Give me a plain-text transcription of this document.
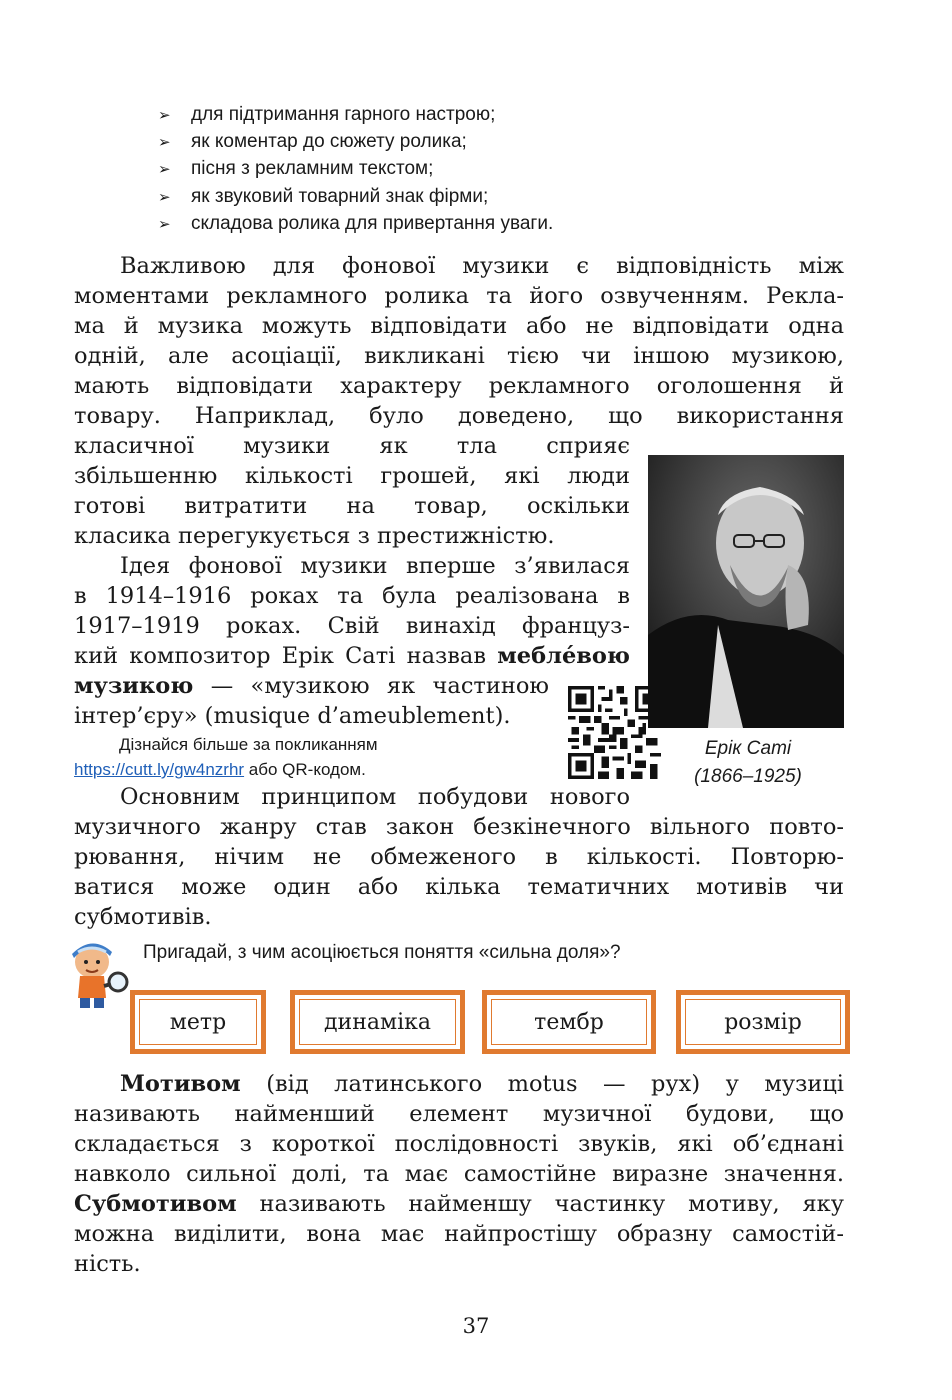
➢ для підтримання гарного настрою;
➢ як коментар до сюжету ролика;
➢ пісня з рекламним текстом;
➢ як звуковий товарний знак фірми;
➢ складова ролика для привертання уваги.
Важливою для фонової музики є відповідність між
моментами рекламного ролика та його озвученням. Рекла-
ма й музика можуть відповідати або не відповідати одна
одній, але асоціації, викликані тією чи іншою музикою,
мають відповідати характеру рекламного оголошення й
товару. Наприклад, було доведено, що використання
класичної музики як тла сприяє
збільшенню кількості грошей, які люди
готові витратити на товар, оскільки
класика перегукується з престижністю.
Ідея фонової музики вперше з’явилася
в 1914–1916 роках та була реалізована в
1917–1919 роках. Свій винахід француз-
кий композитор Ерік Саті назвав меблéвою
музикою — «музикою як частиною
інтер’єру» (musique d’ameublement).
Дізнайся більше за покликанням
https://cutt.ly/gw4nzrhr або QR-кодом.
Ерік Саті
(1866–1925)
Основним принципом побудови нового
музичного жанру став закон безкінечного вільного повто-
рювання, нічим не обмеженого в кількості. Повторю-
ватися може один або кілька тематичних мотивів чи
субмотивів.
Пригадай, з чим асоціюється поняття «сильна доля»?
метр	динаміка	тембр	розмір
Мотивом (від латинського motus — рух) у музиці
називають найменший елемент музичної будови, що
складається з короткої послідовності звуків, які об’єднані
навколо сильної долі, та має самостійне виразне значення.
Субмотивом називають найменшу частинку мотиву, яку
можна виділити, вона має найпростішу образну самостій-
ність.
37
